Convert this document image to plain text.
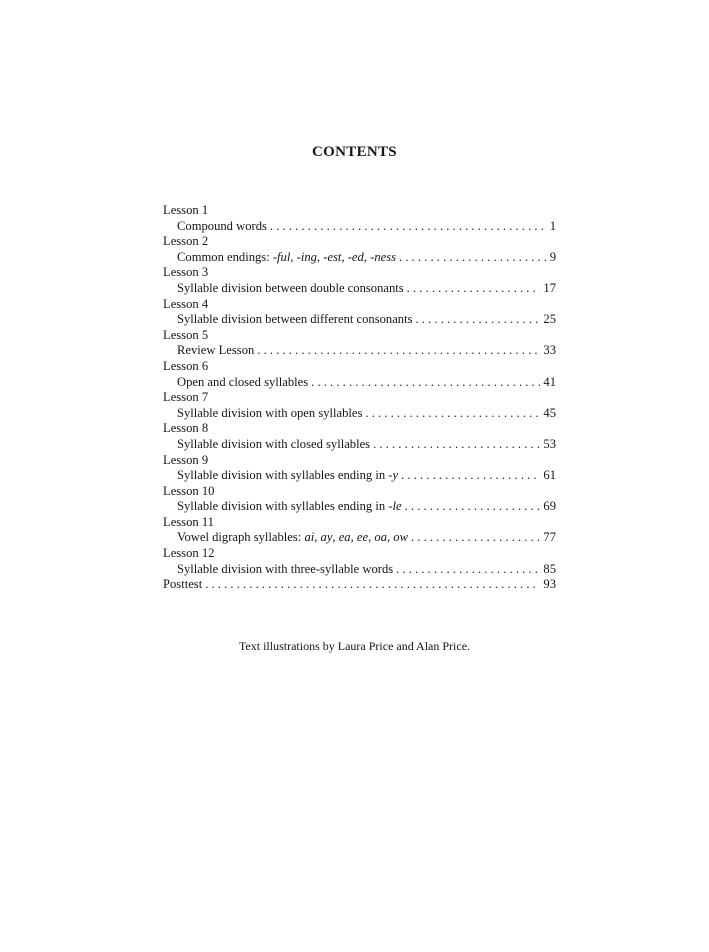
CONTENTS
Lesson 1
Compound words . . .	1
Lesson 2
Common endings: -ful, -ing, -est, -ed, -ness . . .	9
Lesson 3
Syllable division between double consonants . . .	17
Lesson 4
Syllable division between different consonants . . .	25
Lesson 5
Review Lesson . . .	33
Lesson 6
Open and closed syllables . . .	41
Lesson 7
Syllable division with open syllables . . .	45
Lesson 8
Syllable division with closed syllables . . .	53
Lesson 9
Syllable division with syllables ending in -y . . .	61
Lesson 10
Syllable division with syllables ending in -le . . .	69
Lesson 11
Vowel digraph syllables: ai, ay, ea, ee, oa, ow . . .	77
Lesson 12
Syllable division with three-syllable words . . .	85
Posttest . . .	93
Text illustrations by Laura Price and Alan Price.
